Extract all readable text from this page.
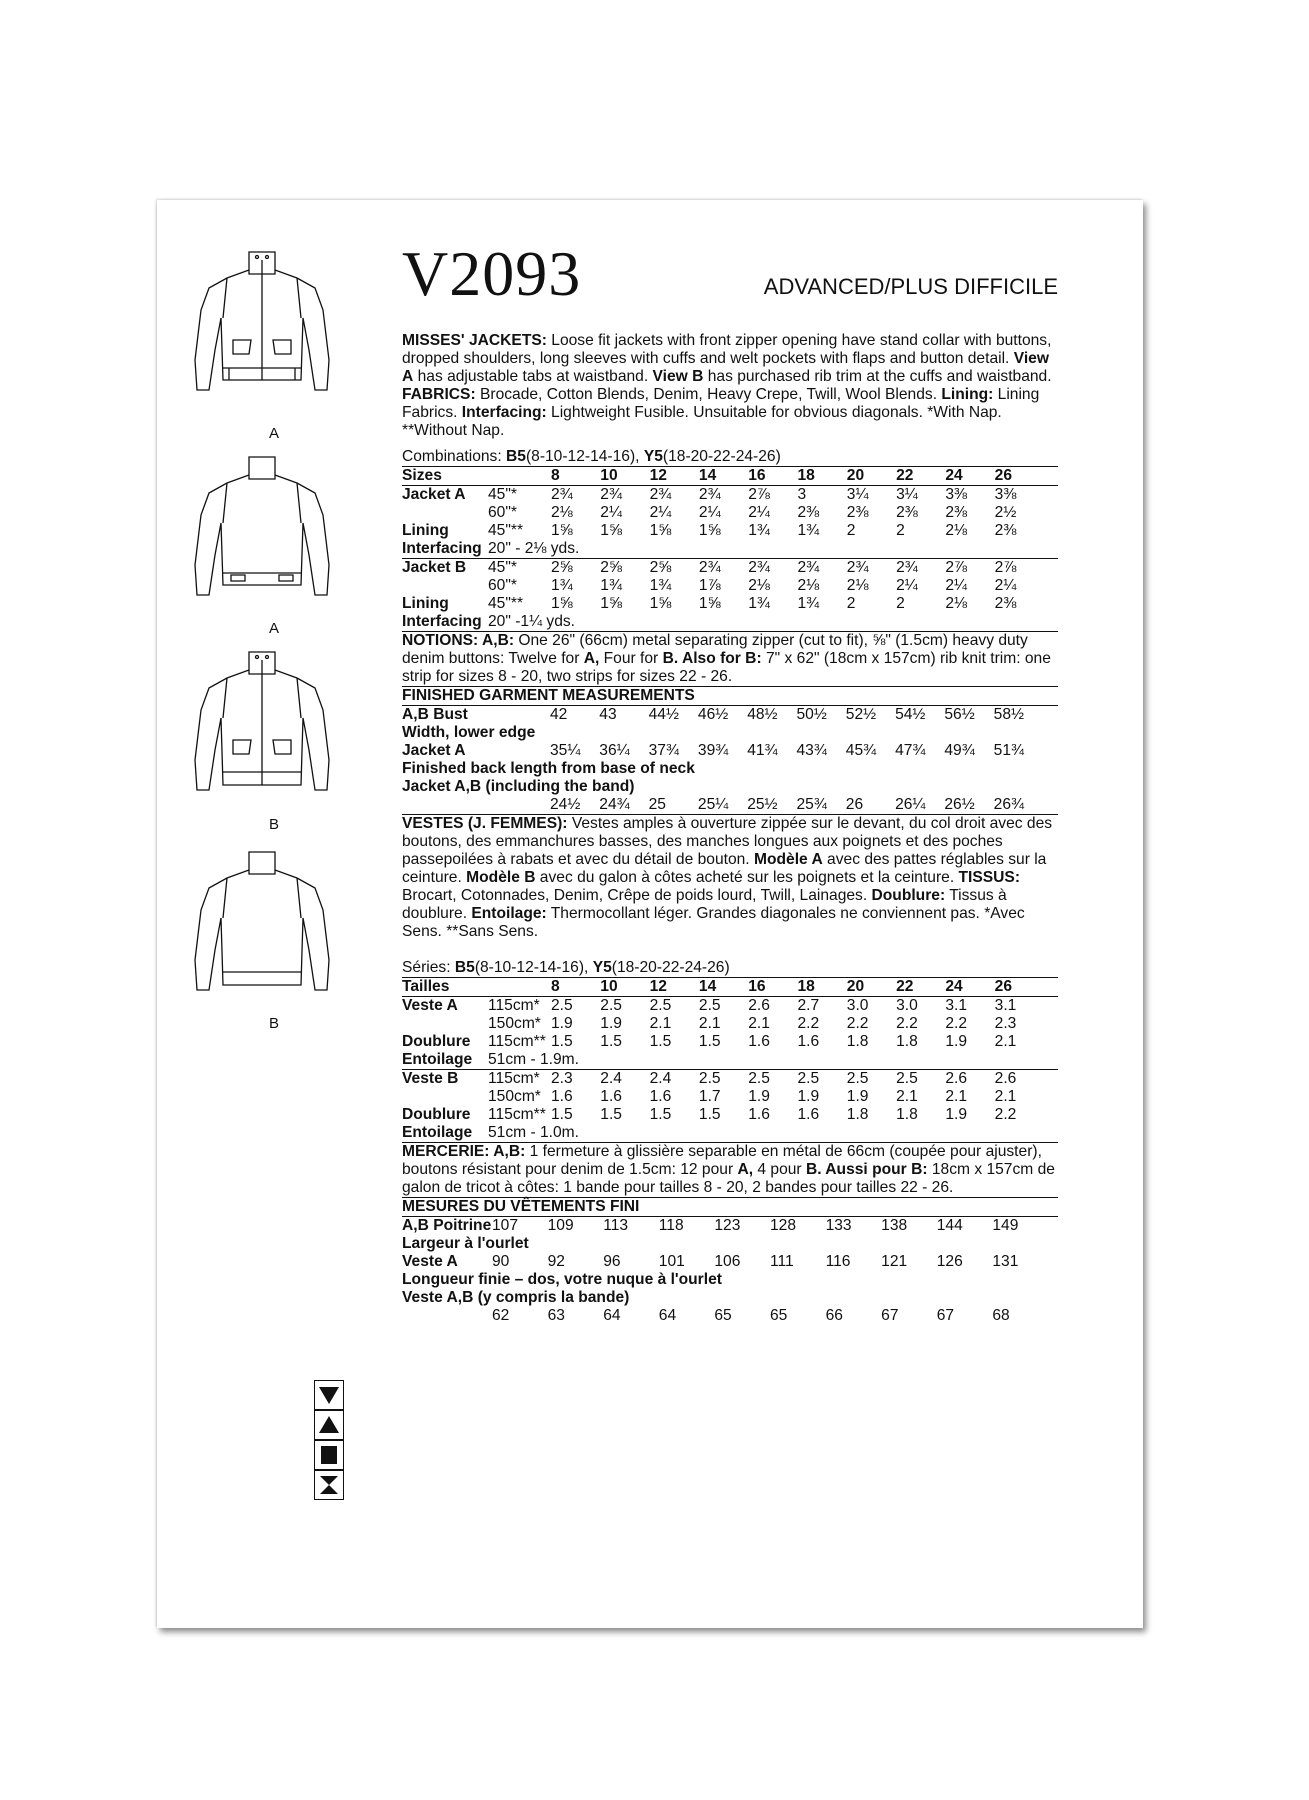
A
A
B
B
V2093	ADVANCED/PLUS DIFFICILE

MISSES' JACKETS: Loose fit jackets with front zipper opening have stand collar with buttons, dropped shoulders, long sleeves with cuffs and welt pockets with flaps and button detail. View A has adjustable tabs at waistband. View B has purchased rib trim at the cuffs and waistband. FABRICS: Brocade, Cotton Blends, Denim, Heavy Crepe, Twill, Wool Blends. Lining: Lining Fabrics. Interfacing: Lightweight Fusible. Unsuitable for obvious diagonals. *With Nap. **Without Nap.

Combinations: B5(8-10-12-14-16), Y5(18-20-22-24-26)
Sizes	8	10	12	14	16	18	20	22	24	26
Jacket A	45"*	2¾	2¾	2¾	2¾	2⅞	3	3¼	3¼	3⅜	3⅜
60"*	2⅛	2¼	2¼	2¼	2¼	2⅜	2⅜	2⅜	2⅜	2½
Lining	45"**	1⅝	1⅝	1⅝	1⅝	1¾	1¾	2	2	2⅛	2⅜
Interfacing 20" - 2⅛ yds.
Jacket B	45"*	2⅝	2⅝	2⅝	2¾	2¾	2¾	2¾	2¾	2⅞	2⅞
60"*	1¾	1¾	1¾	1⅞	2⅛	2⅛	2⅛	2¼	2¼	2¼
Lining	45"**	1⅝	1⅝	1⅝	1⅝	1¾	1¾	2	2	2⅛	2⅜
Interfacing 20" -1¼ yds.

NOTIONS: A,B: One 26" (66cm) metal separating zipper (cut to fit), ⅝" (1.5cm) heavy duty denim buttons: Twelve for A, Four for B. Also for B: 7" x 62" (18cm x 157cm) rib knit trim: one strip for sizes 8 - 20, two strips for sizes 22 - 26.

FINISHED GARMENT MEASUREMENTS
A,B Bust	42	43	44½	46½	48½	50½	52½	54½	56½	58½
Width, lower edge
Jacket A	35¼	36¼	37¾	39¾	41¾	43¾	45¾	47¾	49¾	51¾
Finished back length from base of neck
Jacket A,B (including the band)
24½	24¾	25	25¼	25½	25¾	26	26¼	26½	26¾

VESTES (J. FEMMES): Vestes amples à ouverture zippée sur le devant, du col droit avec des boutons, des emmanchures basses, des manches longues aux poignets et des poches passepoilées à rabats et avec du détail de bouton. Modèle A avec des pattes réglables sur la ceinture. Modèle B avec du galon à côtes acheté sur les poignets et la ceinture. TISSUS: Brocart, Cotonnades, Denim, Crêpe de poids lourd, Twill, Lainages. Doublure: Tissus à doublure. Entoilage: Thermocollant léger. Grandes diagonales ne conviennent pas. *Avec Sens. **Sans Sens.

Séries: B5(8-10-12-14-16), Y5(18-20-22-24-26)
Tailles	8	10	12	14	16	18	20	22	24	26
Veste A	115cm* 2.5	2.5	2.5	2.5	2.6	2.7	3.0	3.0	3.1	3.1
150cm* 1.9	1.9	2.1	2.1	2.1	2.2	2.2	2.2	2.2	2.3
Doublure	115cm** 1.5	1.5	1.5	1.5	1.6	1.6	1.8	1.8	1.9	2.1
Entoilage	51cm - 1.9m.
Veste B	115cm* 2.3	2.4	2.4	2.5	2.5	2.5	2.5	2.5	2.6	2.6
150cm* 1.6	1.6	1.6	1.7	1.9	1.9	1.9	2.1	2.1	2.1
Doublure	115cm** 1.5	1.5	1.5	1.5	1.6	1.6	1.8	1.8	1.9	2.2
Entoilage	51cm - 1.0m.

MERCERIE: A,B: 1 fermeture à glissière separable en métal de 66cm (coupée pour ajuster), boutons résistant pour denim de 1.5cm: 12 pour A, 4 pour B. Aussi pour B: 18cm x 157cm de galon de tricot à côtes: 1 bande pour tailles 8 - 20, 2 bandes pour tailles 22 - 26.

MESURES DU VÊTEMENTS FINI
A,B Poitrine 107	109	113	118	123	128	133	138	144	149
Largeur à l'ourlet
Veste A	90	92	96	101	106	111	116	121	126	131
Longueur finie – dos, votre nuque à l'ourlet
Veste A,B (y compris la bande)
62	63	64	64	65	65	66	67	67	68
